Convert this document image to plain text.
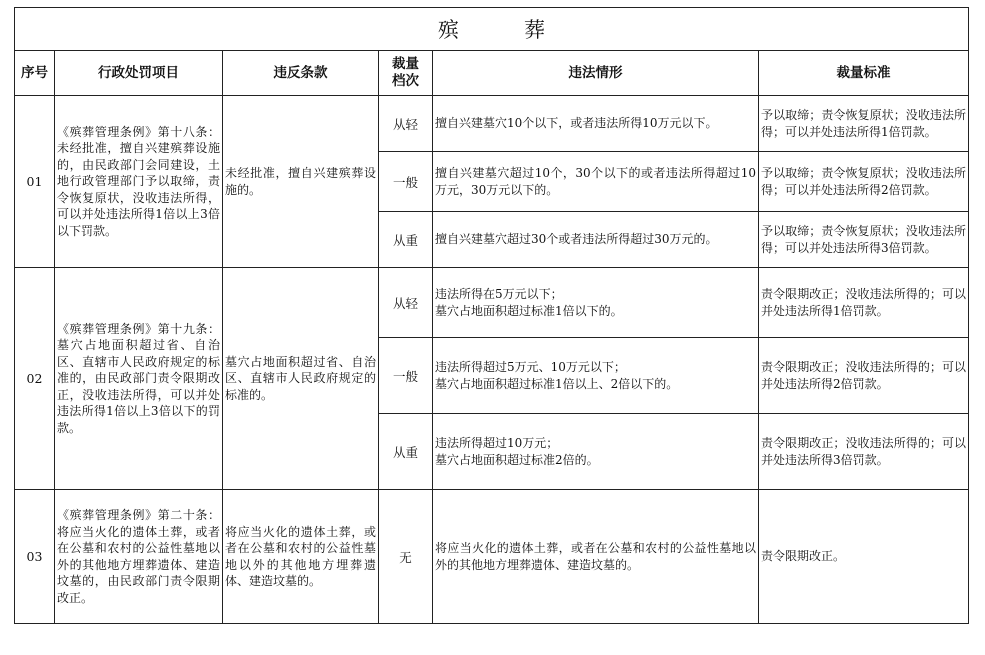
殡　葬					
序号	行政处罚项目	违反条款	裁量档次	违法情形	裁量标准
01	《殡葬管理条例》第十八条：未经批准，擅自兴建殡葬设施的，由民政部门会同建设，土地行政管理部门予以取缔，责令恢复原状，没收违法所得，可以并处违法所得1倍以上3倍以下罚款。	未经批准，擅自兴建殡葬设施的。	从轻	擅自兴建墓穴10个以下，或者违法所得10万元以下。	予以取缔；责令恢复原状；没收违法所得；可以并处违法所得1倍罚款。
			一般	擅自兴建墓穴超过10个，30个以下的或者违法所得超过10万元，30万元以下的。	予以取缔；责令恢复原状；没收违法所得；可以并处违法所得2倍罚款。
			从重	擅自兴建墓穴超过30个或者违法所得超过30万元的。	予以取缔；责令恢复原状；没收违法所得；可以并处违法所得3倍罚款。
02	《殡葬管理条例》第十九条：墓穴占地面积超过省、自治区、直辖市人民政府规定的标准的，由民政部门责令限期改正，没收违法所得，可以并处违法所得1倍以上3倍以下的罚款。	墓穴占地面积超过省、自治区、直辖市人民政府规定的标准的。	从轻	违法所得在5万元以下；
墓穴占地面积超过标准1倍以下的。	责令限期改正；没收违法所得的；可以并处违法所得1倍罚款。
			一般	违法所得超过5万元、10万元以下；
墓穴占地面积超过标准1倍以上、2倍以下的。	责令限期改正；没收违法所得的；可以并处违法所得2倍罚款。
			从重	违法所得超过10万元；
墓穴占地面积超过标准2倍的。	责令限期改正；没收违法所得的；可以并处违法所得3倍罚款。
03	《殡葬管理条例》第二十条：将应当火化的遗体土葬，或者在公墓和农村的公益性墓地以外的其他地方埋葬遗体、建造坟墓的，由民政部门责令限期改正。	将应当火化的遗体土葬，或者在公墓和农村的公益性墓地以外的其他地方埋葬遗体、建造坟墓的。	无	将应当火化的遗体土葬，或者在公墓和农村的公益性墓地以外的其他地方埋葬遗体、建造坟墓的。	责令限期改正。
